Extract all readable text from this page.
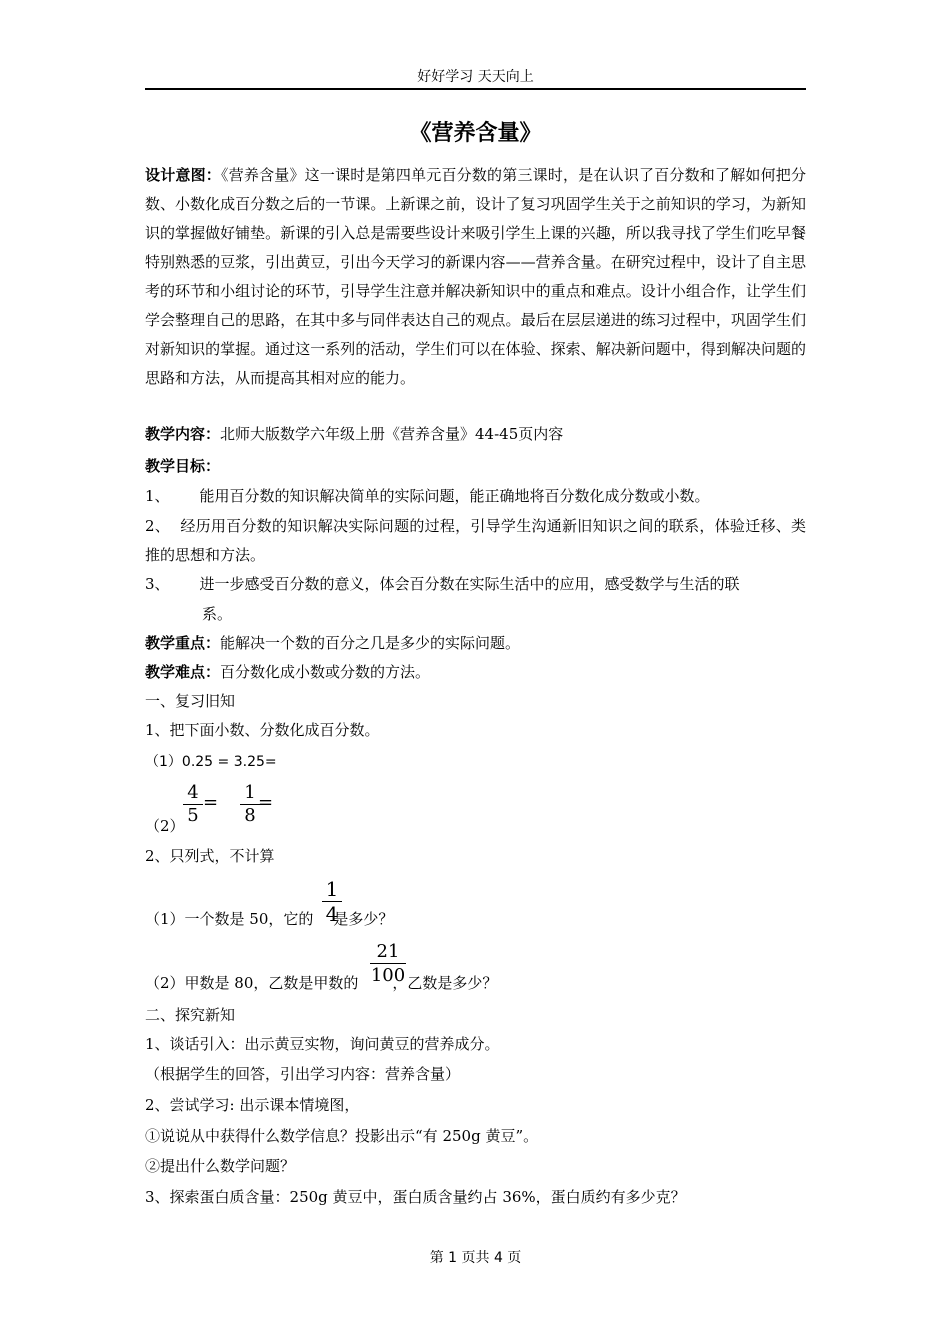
好好学习 天天向上
《营养含量》
设计意图：《营养含量》这一课时是第四单元百分数的第三课时，是在认识了百分数和了解如何把分数、小数化成百分数之后的一节课。上新课之前，设计了复习巩固学生关于之前知识的学习，为新知识的掌握做好铺垫。新课的引入总是需要些设计来吸引学生上课的兴趣，所以我寻找了学生们吃早餐特别熟悉的豆浆，引出黄豆，引出今天学习的新课内容——营养含量。在研究过程中，设计了自主思考的环节和小组讨论的环节，引导学生注意并解决新知识中的重点和难点。设计小组合作，让学生们学会整理自己的思路，在其中多与同伴表达自己的观点。最后在层层递进的练习过程中，巩固学生们对新知识的掌握。通过这一系列的活动，学生们可以在体验、探索、解决新问题中，得到解决问题的思路和方法，从而提高其相对应的能力。
教学内容：北师大版数学六年级上册《营养含量》44-45页内容
教学目标：
1、 能用百分数的知识解决简单的实际问题，能正确地将百分数化成分数或小数。
2、 经历用百分数的知识解决实际问题的过程，引导学生沟通新旧知识之间的联系，体验迁移、类推的思想和方法。
3、 进一步感受百分数的意义，体会百分数在实际生活中的应用，感受数学与生活的联
系。
教学重点：能解决一个数的百分之几是多少的实际问题。
教学难点：百分数化成小数或分数的方法。
一、复习旧知
1、把下面小数、分数化成百分数。
（1）0.25 = 3.25=
（2）
4
5
= 1
8
=
2、只列式，不计算
（1）一个数是 50，它的 是多少？
1
4
（2）甲数是 80，乙数是甲数的 ，乙数是多少？
21
100
二、探究新知
1、谈话引入：出示黄豆实物，询问黄豆的营养成分。
（根据学生的回答，引出学习内容：营养含量）
2、尝试学习: 出示课本情境图，
①说说从中获得什么数学信息？投影出示“有 250g 黄豆”。
②提出什么数学问题？
3、探索蛋白质含量：250g 黄豆中，蛋白质含量约占 36%，蛋白质约有多少克？
第 1 页共 4 页
